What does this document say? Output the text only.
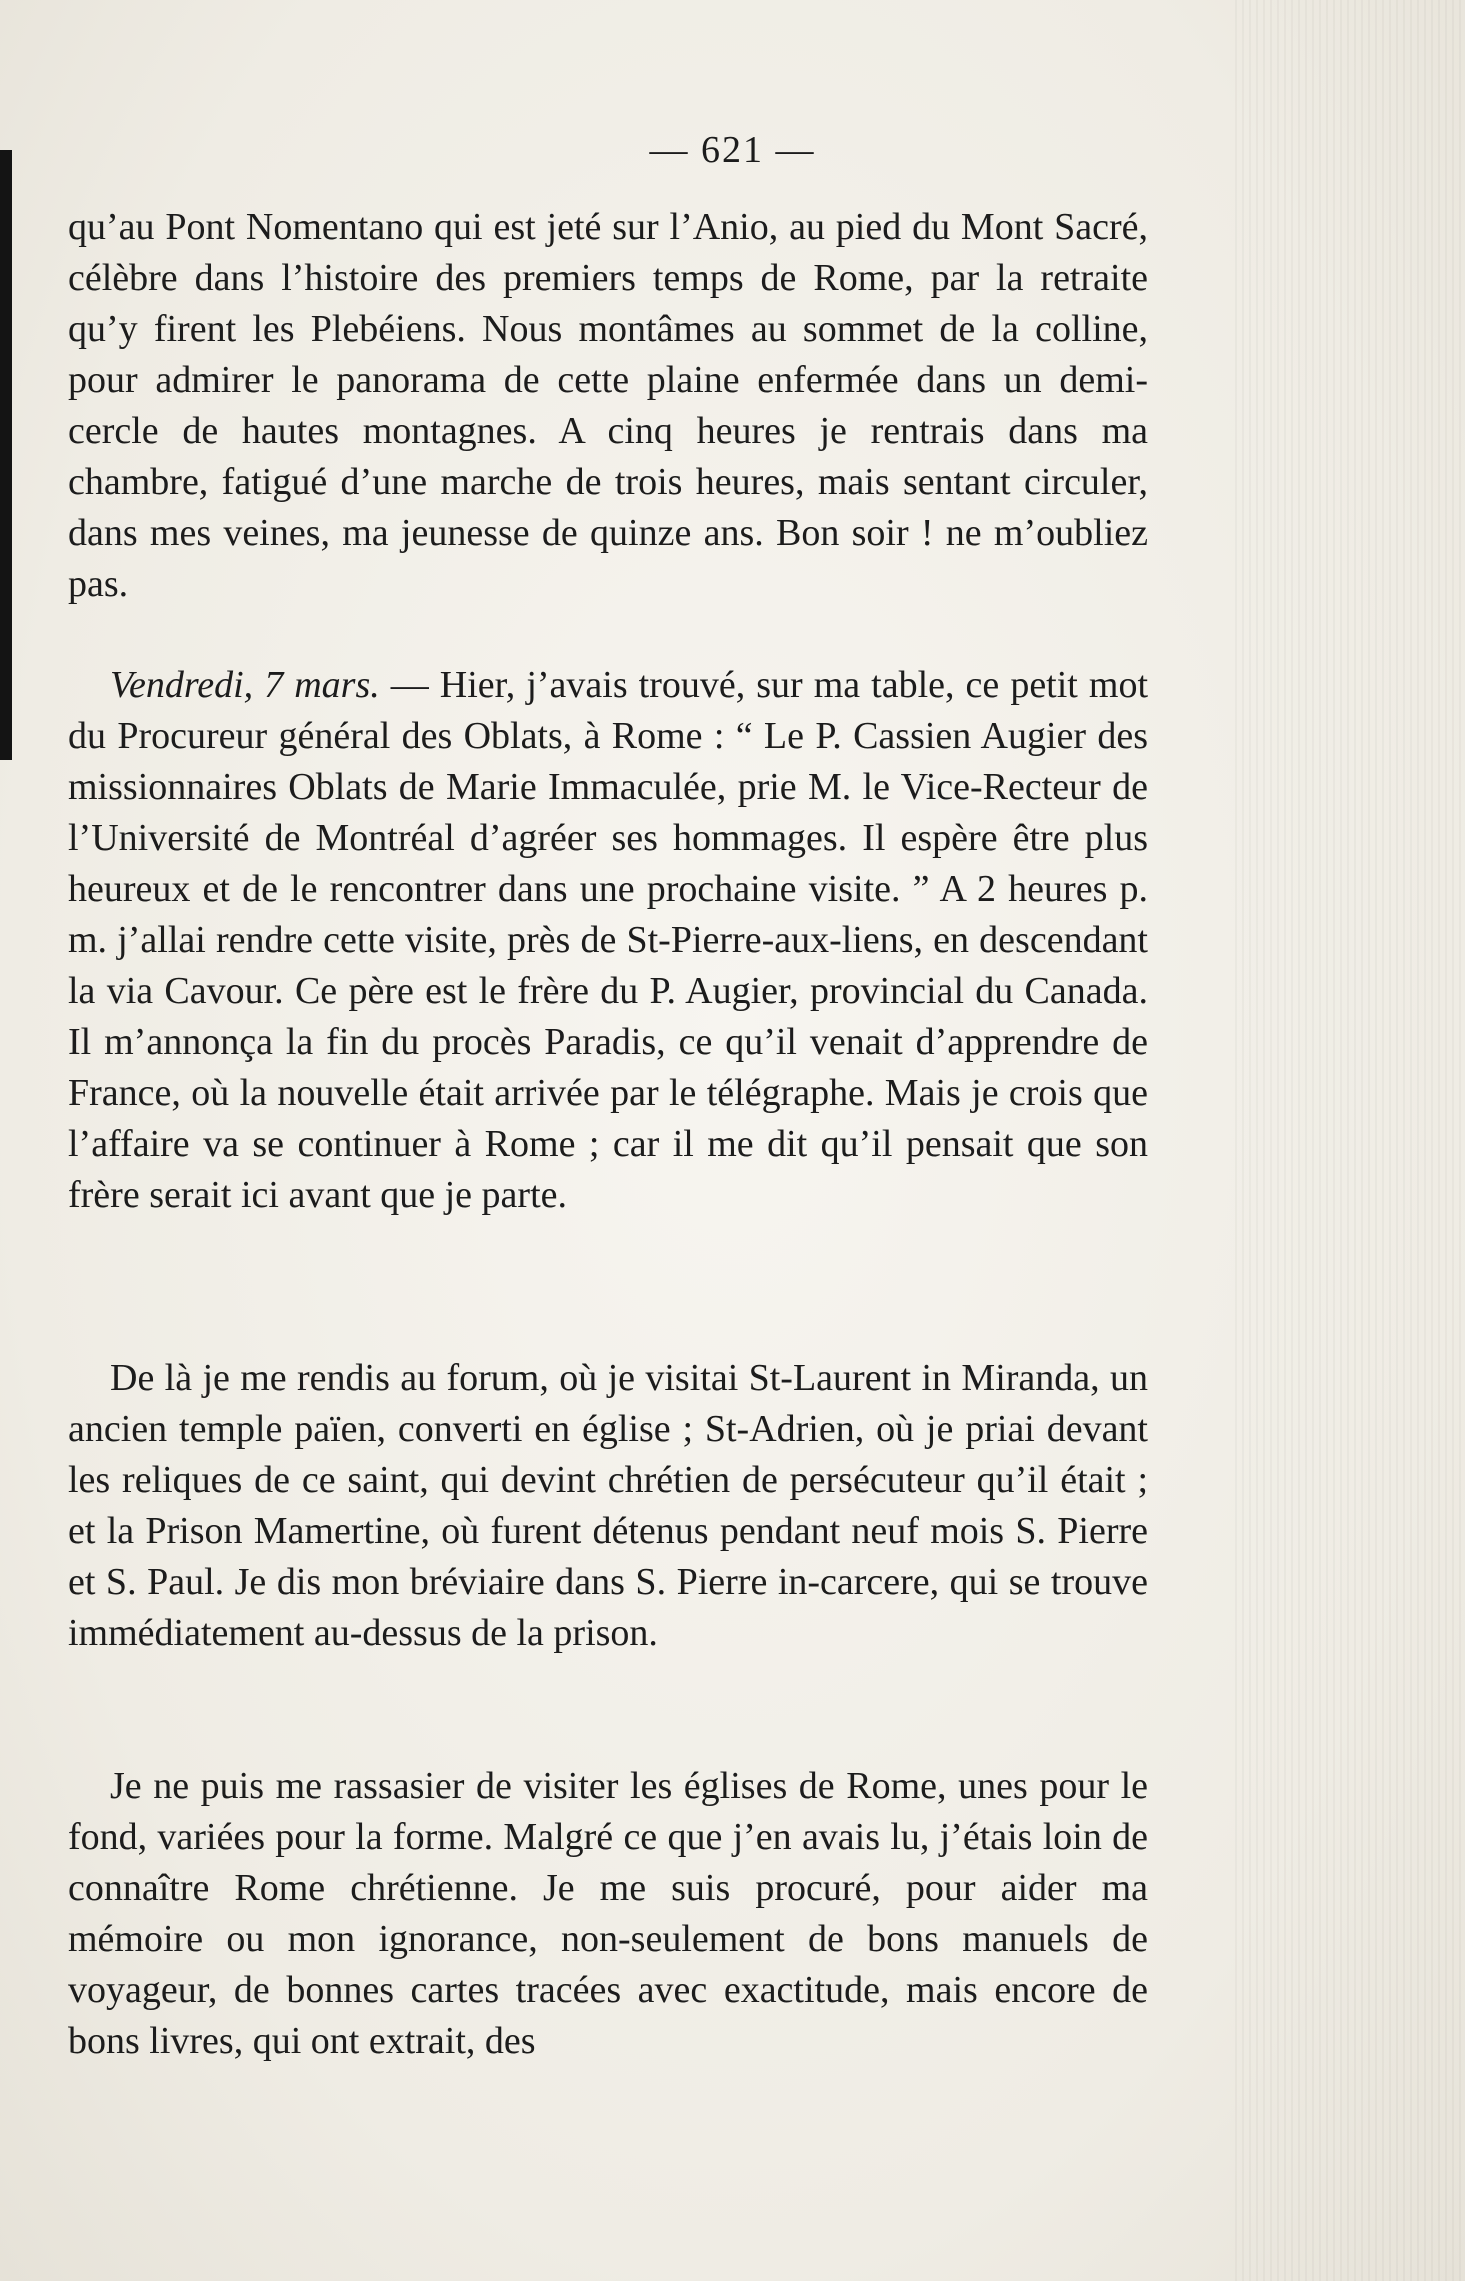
— 621 —

qu’au Pont Nomentano qui est jeté sur l’Anio, au pied du Mont Sacré, célèbre dans l’histoire des premiers temps de Rome, par la retraite qu’y firent les Plebéiens. Nous montâmes au sommet de la colline, pour admirer le panorama de cette plaine enfermée dans un demi-cercle de hautes montagnes. A cinq heures je rentrais dans ma chambre, fatigué d’une marche de trois heures, mais sentant circuler, dans mes veines, ma jeunesse de quinze ans. Bon soir ! ne m’oubliez pas.

Vendredi, 7 mars. — Hier, j’avais trouvé, sur ma table, ce petit mot du Procureur général des Oblats, à Rome : “ Le P. Cassien Augier des missionnaires Oblats de Marie Immaculée, prie M. le Vice-Recteur de l’Université de Montréal d’agréer ses hommages. Il espère être plus heureux et de le rencontrer dans une prochaine visite. ” A 2 heures p. m. j’allai rendre cette visite, près de St-Pierre-aux-liens, en descendant la via Cavour. Ce père est le frère du P. Augier, provincial du Canada. Il m’annonça la fin du procès Paradis, ce qu’il venait d’apprendre de France, où la nouvelle était arrivée par le télégraphe. Mais je crois que l’affaire va se continuer à Rome ; car il me dit qu’il pensait que son frère serait ici avant que je parte.

De là je me rendis au forum, où je visitai St-Laurent in Miranda, un ancien temple païen, converti en église ; St-Adrien, où je priai devant les reliques de ce saint, qui devint chrétien de persécuteur qu’il était ; et la Prison Mamertine, où furent détenus pendant neuf mois S. Pierre et S. Paul. Je dis mon bréviaire dans S. Pierre in-carcere, qui se trouve immédiatement au-dessus de la prison.

Je ne puis me rassasier de visiter les églises de Rome, unes pour le fond, variées pour la forme. Malgré ce que j’en avais lu, j’étais loin de connaître Rome chrétienne. Je me suis procuré, pour aider ma mémoire ou mon ignorance, non-seulement de bons manuels de voyageur, de bonnes cartes tracées avec exactitude, mais encore de bons livres, qui ont extrait, des
